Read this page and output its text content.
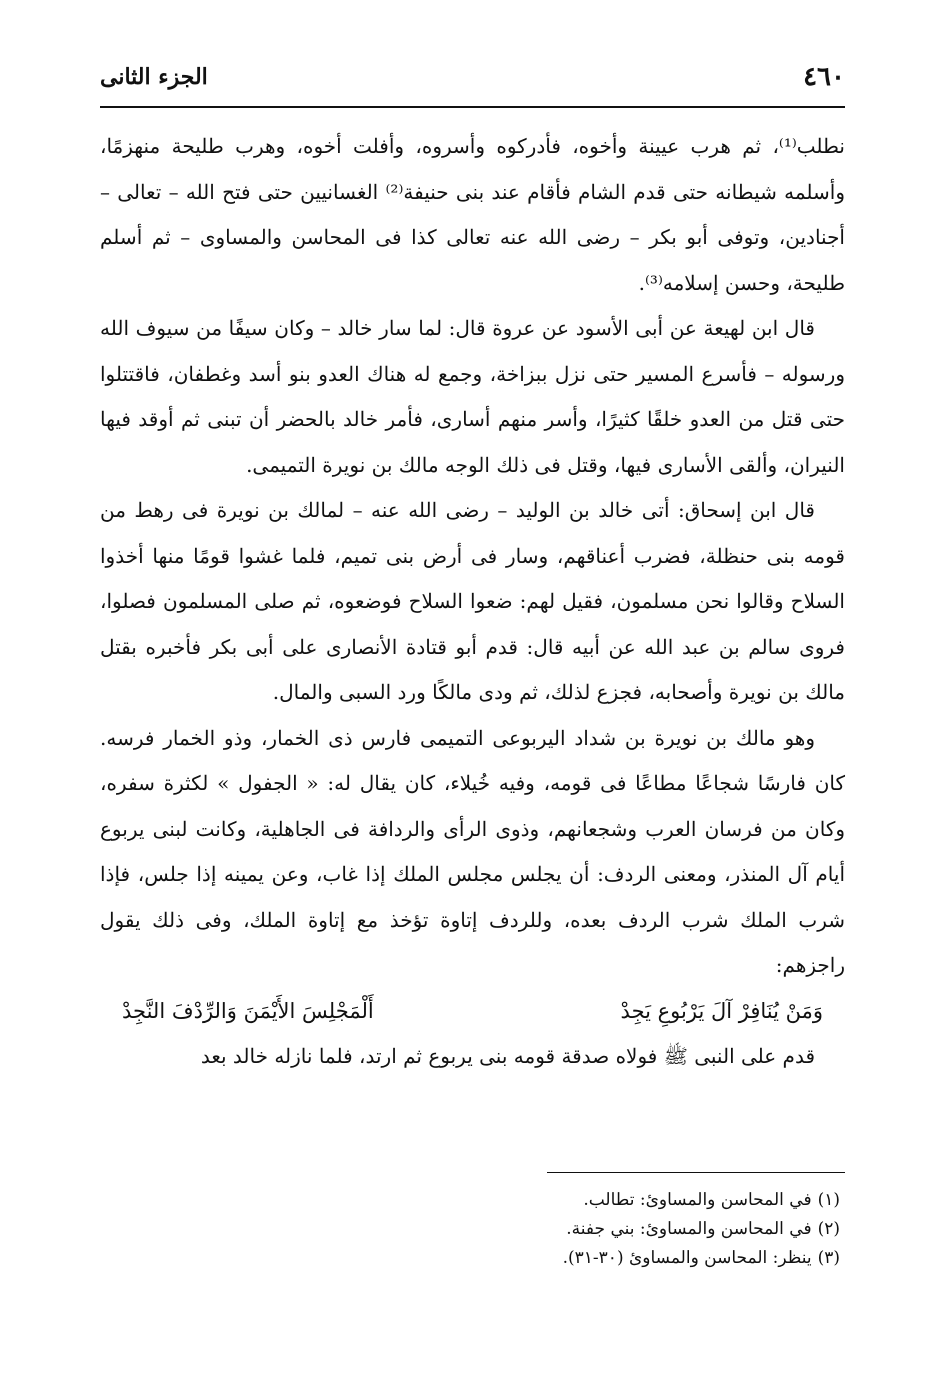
٤٦٠
الجزء الثانى

نطلب⁽¹⁾، ثم هرب عيينة وأخوه، فأدركوه وأسروه، وأفلت أخوه، وهرب طليحة منهزمًا، وأسلمه شيطانه حتى قدم الشام فأقام عند بنى حنيفة⁽²⁾ الغسانيين حتى فتح الله – تعالى – أجنادين، وتوفى أبو بكر – رضى الله عنه تعالى كذا فى المحاسن والمساوى – ثم أسلم طليحة، وحسن إسلامه⁽³⁾.

قال ابن لهيعة عن أبى الأسود عن عروة قال: لما سار خالد – وكان سيفًا من سيوف الله ورسوله – فأسرع المسير حتى نزل ببزاخة، وجمع له هناك العدو بنو أسد وغطفان، فاقتتلوا حتى قتل من العدو خلقًا كثيرًا، وأسر منهم أسارى، فأمر خالد بالحضر أن تبنى ثم أوقد فيها النيران، وألقى الأسارى فيها، وقتل فى ذلك الوجه مالك بن نويرة التميمى.

قال ابن إسحاق: أتى خالد بن الوليد – رضى الله عنه – لمالك بن نويرة فى رهط من قومه بنى حنظلة، فضرب أعناقهم، وسار فى أرض بنى تميم، فلما غشوا قومًا منها أخذوا السلاح وقالوا نحن مسلمون، فقيل لهم: ضعوا السلاح فوضعوه، ثم صلى المسلمون فصلوا، فروى سالم بن عبد الله عن أبيه قال: قدم أبو قتادة الأنصارى على أبى بكر فأخبره بقتل مالك بن نويرة وأصحابه، فجزع لذلك، ثم ودى مالكًا ورد السبى والمال.

وهو مالك بن نويرة بن شداد اليربوعى التميمى فارس ذى الخمار، وذو الخمار فرسه. كان فارسًا شجاعًا مطاعًا فى قومه، وفيه خُيلاء، كان يقال له: « الجفول » لكثرة سفره، وكان من فرسان العرب وشجعانهم، وذوى الرأى والردافة فى الجاهلية، وكانت لبنى يربوع أيام آل المنذر، ومعنى الردف: أن يجلس مجلس الملك إذا غاب، وعن يمينه إذا جلس، فإذا شرب الملك شرب الردف بعده، وللردف إتاوة تؤخذ مع إتاوة الملك، وفى ذلك يقول راجزهم:

وَمَنْ يُنَافِرْ آلَ يَرْبُوعِ يَجِدْ
أَلْمَجْلِسَ الأَيْمَنَ وَالرِّدْفَ النَّجِدْ

قدم على النبى ﷺ فولاه صدقة قومه بنى يربوع ثم ارتد، فلما نازله خالد بعد

(١)في المحاسن والمساوئ: تطالب.
(٢)في المحاسن والمساوئ: بني جفنة.
(٣)ينظر: المحاسن والمساوئ (٣٠-٣١).
